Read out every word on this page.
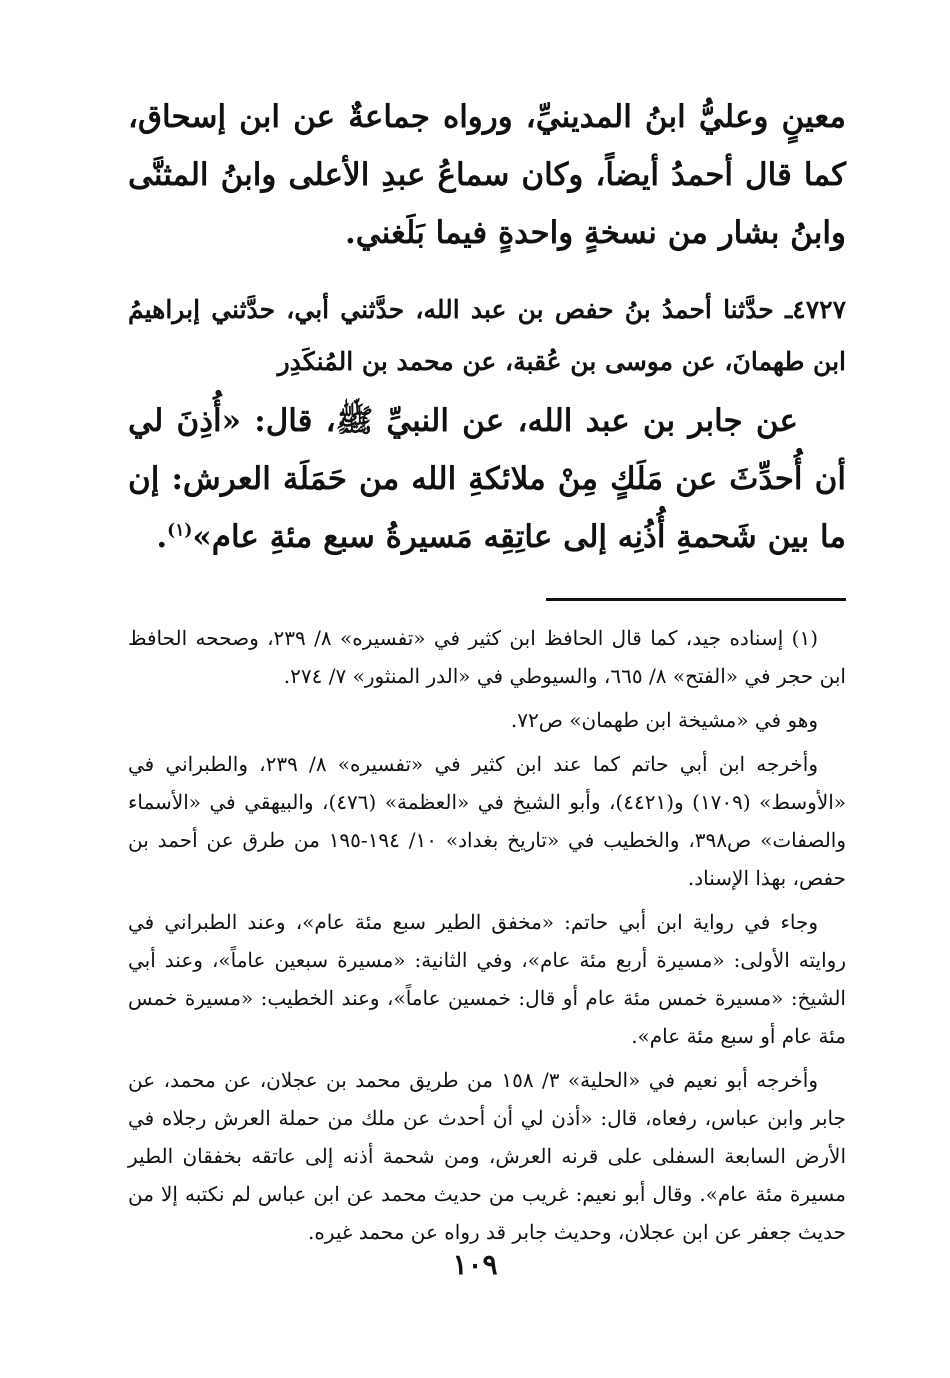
معينٍ وعليُّ ابنُ المدينيِّ، ورواه جماعةٌ عن ابن إسحاق، كما قال أحمدُ أيضاً، وكان سماعُ عبدِ الأعلى وابنُ المثنَّى وابنُ بشار من نسخةٍ واحدةٍ فيما بَلَغني.

٤٧٢٧ـ حدَّثنا أحمدُ بنُ حفص بن عبد الله، حدَّثني أبي، حدَّثني إبراهيمُ ابن طهمانَ، عن موسى بن عُقبة، عن محمد بن المُنكَدِر

عن جابر بن عبد الله، عن النبيِّ ﷺ، قال: «أُذِنَ لي أن أُحدِّثَ عن مَلَكٍ مِنْ ملائكةِ الله من حَمَلَة العرش: إن ما بين شَحمةِ أُذُنِه إلى عاتِقِه مَسيرةُ سبع مئةِ عام»$^{(١)}$.

(١) إسناده جيد، كما قال الحافظ ابن كثير في «تفسيره» ٨/ ٢٣٩، وصححه الحافظ ابن حجر في «الفتح» ٨/ ٦٦٥، والسيوطي في «الدر المنثور» ٧/ ٢٧٤.

وهو في «مشيخة ابن طهمان» ص٧٢.

وأخرجه ابن أبي حاتم كما عند ابن كثير في «تفسيره» ٨/ ٢٣٩، والطبراني في «الأوسط» (١٧٠٩) و(٤٤٢١)، وأبو الشيخ في «العظمة» (٤٧٦)، والبيهقي في «الأسماء والصفات» ص٣٩٨، والخطيب في «تاريخ بغداد» ١٠/ ١٩٤-١٩٥ من طرق عن أحمد بن حفص، بهذا الإسناد.

وجاء في رواية ابن أبي حاتم: «مخفق الطير سبع مئة عام»، وعند الطبراني في روايته الأولى: «مسيرة أربع مئة عام»، وفي الثانية: «مسيرة سبعين عاماً»، وعند أبي الشيخ: «مسيرة خمس مئة عام أو قال: خمسين عاماً»، وعند الخطيب: «مسيرة خمس مئة عام أو سبع مئة عام».

وأخرجه أبو نعيم في «الحلية» ٣/ ١٥٨ من طريق محمد بن عجلان، عن محمد، عن جابر وابن عباس، رفعاه، قال: «أذن لي أن أحدث عن ملك من حملة العرش رجلاه في الأرض السابعة السفلى على قرنه العرش، ومن شحمة أذنه إلى عاتقه بخفقان الطير مسيرة مئة عام». وقال أبو نعيم: غريب من حديث محمد عن ابن عباس لم نكتبه إلا من حديث جعفر عن ابن عجلان، وحديث جابر قد رواه عن محمد غيره.

١٠٩
